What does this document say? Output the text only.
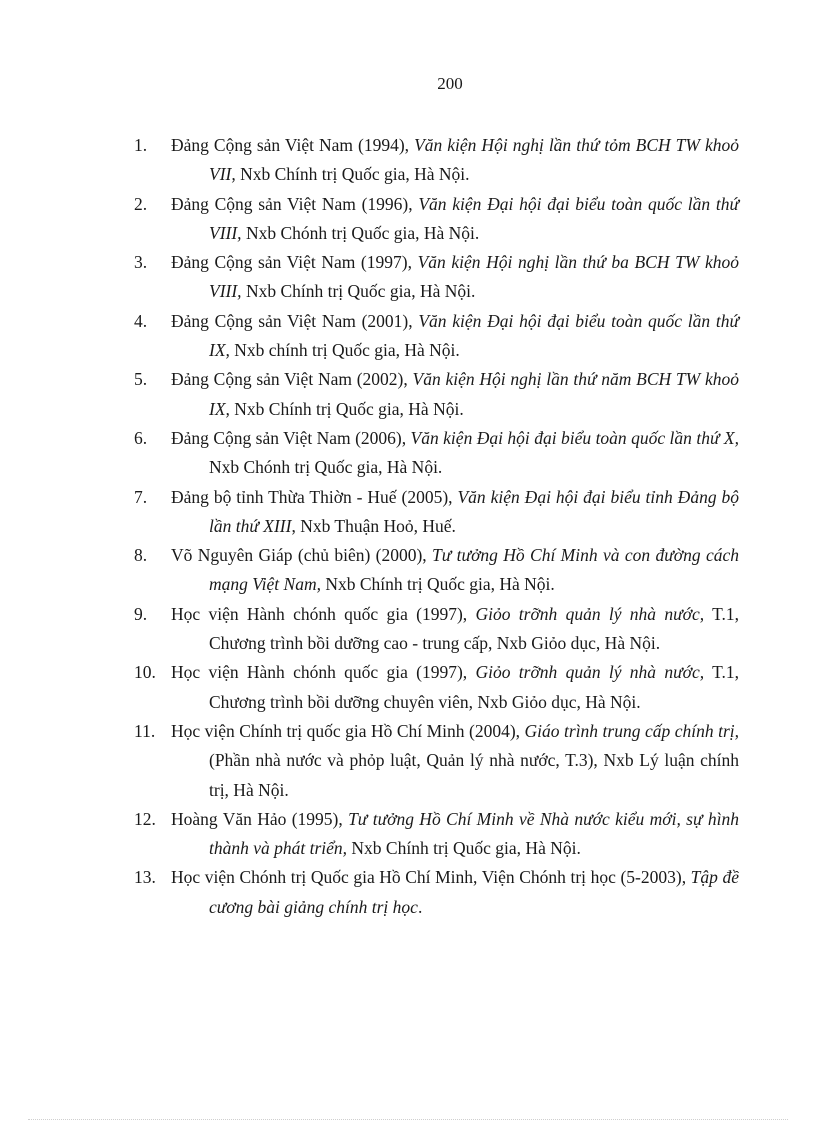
200
1. Đảng Cộng sản Việt Nam (1994), Văn kiện Hội nghị lần thứ tỏm BCH TW khoỏ VII, Nxb Chính trị Quốc gia, Hà Nội.
2. Đảng Cộng sản Việt Nam (1996), Văn kiện Đại hội đại biểu toàn quốc lần thứ VIII, Nxb Chónh trị Quốc gia, Hà Nội.
3. Đảng Cộng sản Việt Nam (1997), Văn kiện Hội nghị lần thứ ba BCH TW khoỏ VIII, Nxb Chính trị Quốc gia, Hà Nội.
4. Đảng Cộng sản Việt Nam (2001), Văn kiện Đại hội đại biểu toàn quốc lần thứ IX, Nxb chính trị Quốc gia, Hà Nội.
5. Đảng Cộng sản Việt Nam (2002), Văn kiện Hội nghị lần thứ năm BCH TW khoỏ IX, Nxb Chính trị Quốc gia, Hà Nội.
6. Đảng Cộng sản Việt Nam (2006), Văn kiện Đại hội đại biểu toàn quốc lần thứ X, Nxb Chónh trị Quốc gia, Hà Nội.
7. Đảng bộ tỉnh Thừa Thiờn - Huế (2005), Văn kiện Đại hội đại biểu tỉnh Đảng bộ lần thứ XIII, Nxb Thuận Hoỏ, Huế.
8. Võ Nguyên Giáp (chủ biên) (2000), Tư tưởng Hồ Chí Minh và con đường cách mạng Việt Nam, Nxb Chính trị Quốc gia, Hà Nội.
9. Học viện Hành chónh quốc gia (1997), Giỏo trỡnh quản lý nhà nước, T.1, Chương trình bồi dưỡng cao - trung cấp, Nxb Giỏo dục, Hà Nội.
10. Học viện Hành chónh quốc gia (1997), Giỏo trỡnh quản lý nhà nước, T.1, Chương trình bồi dưỡng chuyên viên, Nxb Giỏo dục, Hà Nội.
11. Học viện Chính trị quốc gia Hồ Chí Minh (2004), Giáo trình trung cấp chính trị, (Phần nhà nước và phỏp luật, Quản lý nhà nước, T.3), Nxb Lý luận chính trị, Hà Nội.
12. Hoàng Văn Hảo (1995), Tư tưởng Hồ Chí Minh về Nhà nước kiểu mới, sự hình thành và phát triển, Nxb Chính trị Quốc gia, Hà Nội.
13. Học viện Chónh trị Quốc gia Hồ Chí Minh, Viện Chónh trị học (5-2003), Tập đề cương bài giảng chính trị học.
